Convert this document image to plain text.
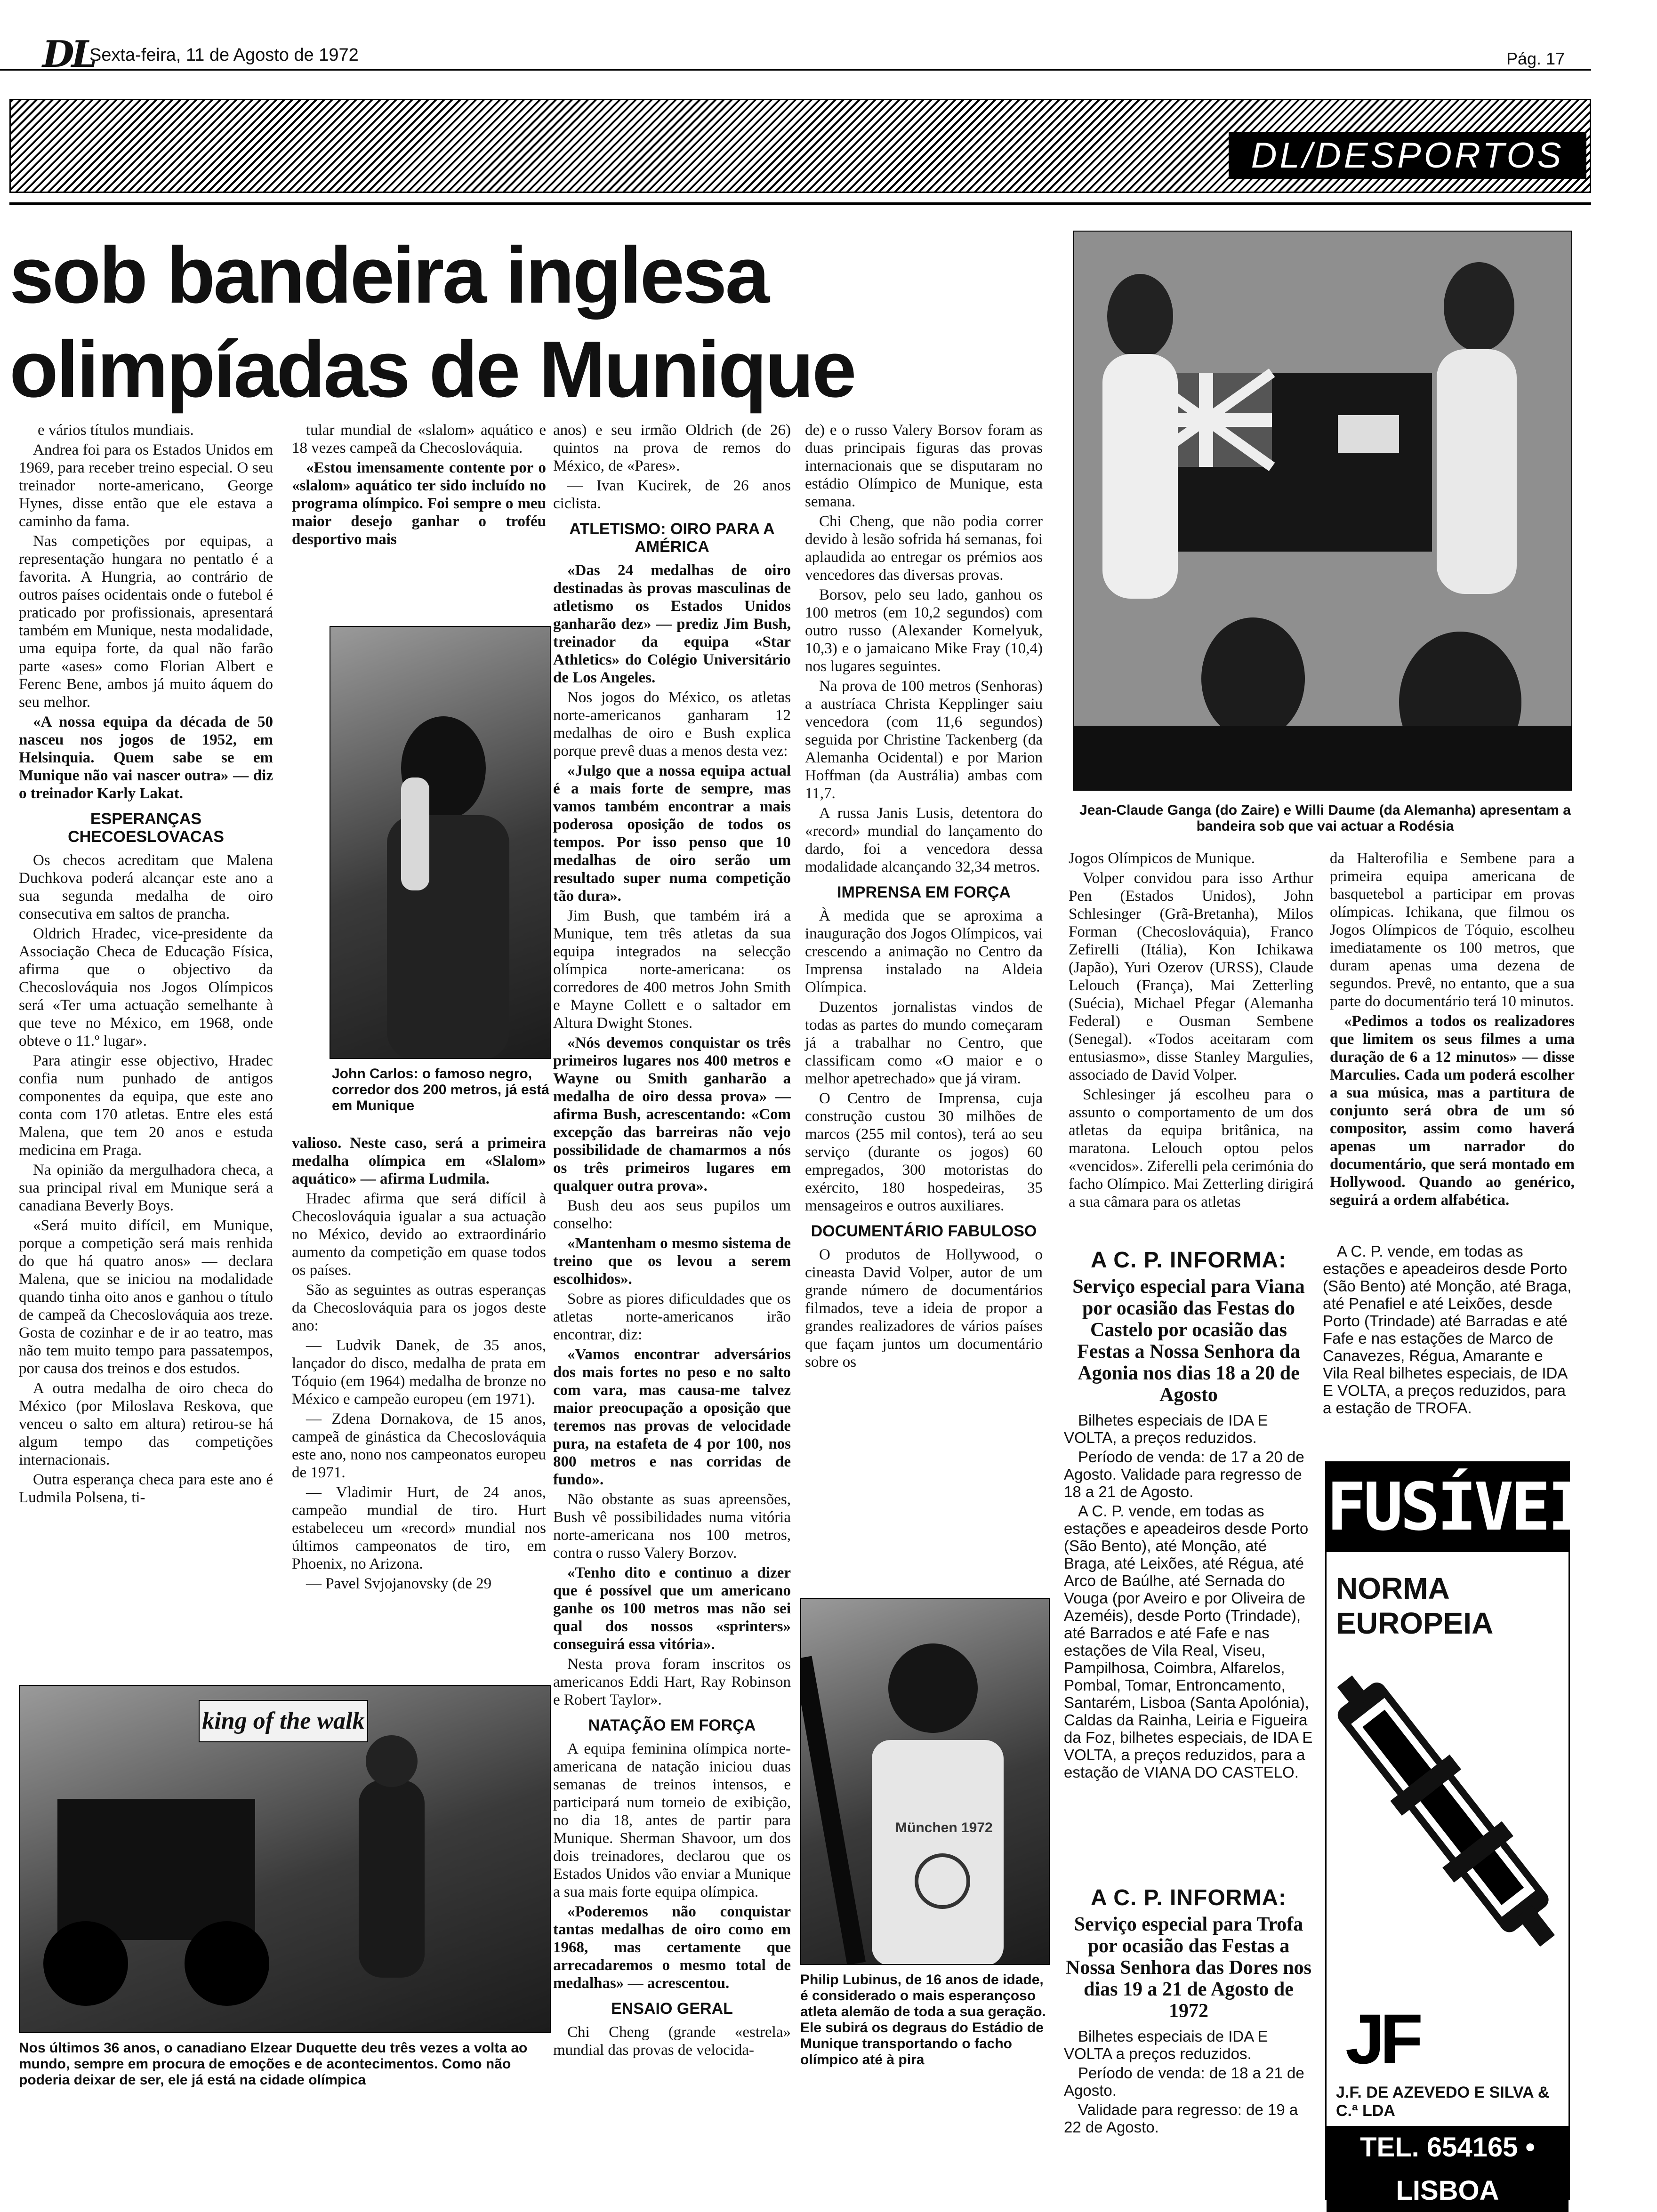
DL
Sexta-feira, 11 de Agosto de 1972	Pág. 17
DL/DESPORTOS
sob bandeira inglesa
olimpíadas de Munique

e vários títulos mundiais.

Andrea foi para os Estados Unidos em 1969, para receber treino especial. O seu treinador norte-americano, George Hynes, disse então que ele estava a caminho da fama.

Nas competições por equipas, a representação hungara no pentatlo é a favorita. A Hungria, ao contrário de outros países ocidentais onde o futebol é praticado por profissionais, apresentará também em Munique, nesta modalidade, uma equipa forte, da qual não farão parte «ases» como Florian Albert e Ferenc Bene, ambos já muito áquem do seu melhor.

«A nossa equipa da década de 50 nasceu nos jogos de 1952, em Helsinquia. Quem sabe se em Munique não vai nascer outra» — diz o treinador Karly Lakat.

ESPERANÇAS CHECOESLOVACAS

Os checos acreditam que Malena Duchkova poderá alcançar este ano a sua segunda medalha de oiro consecutiva em saltos de prancha.

Oldrich Hradec, vice-presidente da Associação Checa de Educação Física, afirma que o objectivo da Checoslováquia nos Jogos Olímpicos será «Ter uma actuação semelhante à que teve no México, em 1968, onde obteve o 11.º lugar».

Para atingir esse objectivo, Hradec confia num punhado de antigos componentes da equipa, que este ano conta com 170 atletas. Entre eles está Malena, que tem 20 anos e estuda medicina em Praga.

Na opinião da mergulhadora checa, a sua principal rival em Munique será a canadiana Beverly Boys.

«Será muito difícil, em Munique, porque a competição será mais renhida do que há quatro anos» — declara Malena, que se iniciou na modalidade quando tinha oito anos e ganhou o título de campeã da Checoslováquia aos treze. Gosta de cozinhar e de ir ao teatro, mas não tem muito tempo para passatempos, por causa dos treinos e dos estudos.

A outra medalha de oiro checa do México (por Miloslava Reskova, que venceu o salto em altura) retirou-se há algum tempo das competições internacionais.

Outra esperança checa para este ano é Ludmila Polsena, ti-

tular mundial de «slalom» aquático e 18 vezes campeã da Checoslováquia.

«Estou imensamente contente por o «slalom» aquático ter sido incluído no programa olímpico. Foi sempre o meu maior desejo ganhar o troféu desportivo mais

John Carlos: o famoso negro, corredor dos 200 metros, já está em Munique

valioso. Neste caso, será a primeira medalha olímpica em «Slalom» aquático» — afirma Ludmila.

Hradec afirma que será difícil à Checoslováquia igualar a sua actuação no México, devido ao extraordinário aumento da competição em quase todos os países.

São as seguintes as outras esperanças da Checoslováquia para os jogos deste ano:

— Ludvik Danek, de 35 anos, lançador do disco, medalha de prata em Tóquio (em 1964) medalha de bronze no México e campeão europeu (em 1971).

— Zdena Dornakova, de 15 anos, campeã de ginástica da Checoslováquia este ano, nono nos campeonatos europeu de 1971.

— Vladimir Hurt, de 24 anos, campeão mundial de tiro. Hurt estabeleceu um «record» mundial nos últimos campeonatos de tiro, em Phoenix, no Arizona.

— Pavel Svjojanovsky (de 29

king of the walk
Nos últimos 36 anos, o canadiano Elzear Duquette deu três vezes a volta ao mundo, sempre em procura de emoções e de acontecimentos. Como não poderia deixar de ser, ele já está na cidade olímpica

anos) e seu irmão Oldrich (de 26) quintos na prova de remos do México, de «Pares».

— Ivan Kucirek, de 26 anos ciclista.

ATLETISMO: OIRO PARA A AMÉRICA

«Das 24 medalhas de oiro destinadas às provas masculinas de atletismo os Estados Unidos ganharão dez» — prediz Jim Bush, treinador da equipa «Star Athletics» do Colégio Universitário de Los Angeles.

Nos jogos do México, os atletas norte-americanos ganharam 12 medalhas de oiro e Bush explica porque prevê duas a menos desta vez:

«Julgo que a nossa equipa actual é a mais forte de sempre, mas vamos também encontrar a mais poderosa oposição de todos os tempos. Por isso penso que 10 medalhas de oiro serão um resultado super numa competição tão dura».

Jim Bush, que também irá a Munique, tem três atletas da sua equipa integrados na selecção olímpica norte-americana: os corredores de 400 metros John Smith e Mayne Collett e o saltador em Altura Dwight Stones.

«Nós devemos conquistar os três primeiros lugares nos 400 metros e Wayne ou Smith ganharão a medalha de oiro dessa prova» — afirma Bush, acrescentando: «Com excepção das barreiras não vejo possibilidade de chamarmos a nós os três primeiros lugares em qualquer outra prova».

Bush deu aos seus pupilos um conselho:

«Mantenham o mesmo sistema de treino que os levou a serem escolhidos».

Sobre as piores dificuldades que os atletas norte-americanos irão encontrar, diz:

«Vamos encontrar adversários dos mais fortes no peso e no salto com vara, mas causa-me talvez maior preocupação a oposição que teremos nas provas de velocidade pura, na estafeta de 4 por 100, nos 800 metros e nas corridas de fundo».

Não obstante as suas apreensões, Bush vê possibilidades numa vitória norte-americana nos 100 metros, contra o russo Valery Borzov.

«Tenho dito e continuo a dizer que é possível que um americano ganhe os 100 metros mas não sei qual dos nossos «sprinters» conseguirá essa vitória».

Nesta prova foram inscritos os americanos Eddi Hart, Ray Robinson e Robert Taylor».

NATAÇÃO EM FORÇA

A equipa feminina olímpica norte-americana de natação iniciou duas semanas de treinos intensos, e participará num torneio de exibição, no dia 18, antes de partir para Munique. Sherman Shavoor, um dos dois treinadores, declarou que os Estados Unidos vão enviar a Munique a sua mais forte equipa olímpica.

«Poderemos não conquistar tantas medalhas de oiro como em 1968, mas certamente que arrecadaremos o mesmo total de medalhas» — acrescentou.

ENSAIO GERAL

Chi Cheng (grande «estrela» mundial das provas de velocida-

de) e o russo Valery Borsov foram as duas principais figuras das provas internacionais que se disputaram no estádio Olímpico de Munique, esta semana.

Chi Cheng, que não podia correr devido à lesão sofrida há semanas, foi aplaudida ao entregar os prémios aos vencedores das diversas provas.

Borsov, pelo seu lado, ganhou os 100 metros (em 10,2 segundos) com outro russo (Alexander Kornelyuk, 10,3) e o jamaicano Mike Fray (10,4) nos lugares seguintes.

Na prova de 100 metros (Senhoras) a austríaca Christa Kepplinger saiu vencedora (com 11,6 segundos) seguida por Christine Tackenberg (da Alemanha Ocidental) e por Marion Hoffman (da Austrália) ambas com 11,7.

A russa Janis Lusis, detentora do «record» mundial do lançamento do dardo, foi a vencedora dessa modalidade alcançando 32,34 metros.

IMPRENSA EM FORÇA

À medida que se aproxima a inauguração dos Jogos Olímpicos, vai crescendo a animação no Centro da Imprensa instalado na Aldeia Olímpica.

Duzentos jornalistas vindos de todas as partes do mundo começaram já a trabalhar no Centro, que classificam como «O maior e o melhor apetrechado» que já viram.

O Centro de Imprensa, cuja construção custou 30 milhões de marcos (255 mil contos), terá ao seu serviço (durante os jogos) 60 empregados, 300 motoristas do exército, 180 hospedeiras, 35 mensageiros e outros auxiliares.

DOCUMENTÁRIO FABULOSO

O produtos de Hollywood, o cineasta David Volper, autor de um grande número de documentários filmados, teve a ideia de propor a grandes realizadores de vários países que façam juntos um documentário sobre os

München 1972
Philip Lubinus, de 16 anos de idade, é considerado o mais esperançoso atleta alemão de toda a sua geração. Ele subirá os degraus do Estádio de Munique transportando o facho olímpico até à pira
Jean-Claude Ganga (do Zaire) e Willi Daume (da Alemanha) apresentam a bandeira sob que vai actuar a Rodésia

Jogos Olímpicos de Munique.

Volper convidou para isso Arthur Pen (Estados Unidos), John Schlesinger (Grã-Bretanha), Milos Forman (Checoslováquia), Franco Zefirelli (Itália), Kon Ichikawa (Japão), Yuri Ozerov (URSS), Claude Lelouch (França), Mai Zetterling (Suécia), Michael Pfegar (Alemanha Federal) e Ousman Sembene (Senegal). «Todos aceitaram com entusiasmo», disse Stanley Margulies, associado de David Volper.

Schlesinger já escolheu para o assunto o comportamento de um dos atletas da equipa britânica, na maratona. Lelouch optou pelos «vencidos». Ziferelli pela cerimónia do facho Olímpico. Mai Zetterling dirigirá a sua câmara para os atletas

da Halterofilia e Sembene para a primeira equipa americana de basquetebol a participar em provas olímpicas. Ichikana, que filmou os Jogos Olímpicos de Tóquio, escolheu imediatamente os 100 metros, que duram apenas uma dezena de segundos. Prevê, no entanto, que a sua parte do documentário terá 10 minutos.

«Pedimos a todos os realizadores que limitem os seus filmes a uma duração de 6 a 12 minutos» — disse Marculies. Cada um poderá escolher a sua música, mas a partitura de conjunto será obra de um só compositor, assim como haverá apenas um narrador do documentário, que será montado em Hollywood. Quando ao genérico, seguirá a ordem alfabética.

A C. P. INFORMA:
Serviço especial para Viana por ocasião das Festas do Castelo por ocasião das Festas a Nossa Senhora da Agonia nos dias 18 a 20 de Agosto

Bilhetes especiais de IDA E VOLTA, a preços reduzidos.

Período de venda: de 17 a 20 de Agosto. Validade para regresso de 18 a 21 de Agosto.

A C. P. vende, em todas as estações e apeadeiros desde Porto (São Bento), até Monção, até Braga, até Leixões, até Régua, até Arco de Baúlhe, até Sernada do Vouga (por Aveiro e por Oliveira de Azeméis), desde Porto (Trindade), até Barrados e até Fafe e nas estações de Vila Real, Viseu, Pampilhosa, Coimbra, Alfarelos, Pombal, Tomar, Entroncamento, Santarém, Lisboa (Santa Apolónia), Caldas da Rainha, Leiria e Figueira da Foz, bilhetes especiais, de IDA E VOLTA, a preços reduzidos, para a estação de VIANA DO CASTELO.

A C. P. vende, em todas as estações e apeadeiros desde Porto (São Bento) até Monção, até Braga, até Penafiel e até Leixões, desde Porto (Trindade) até Barradas e até Fafe e nas estações de Marco de Canavezes, Régua, Amarante e Vila Real bilhetes especiais, de IDA E VOLTA, a preços reduzidos, para a estação de TROFA.

A C. P. INFORMA:
Serviço especial para Trofa por ocasião das Festas a Nossa Senhora das Dores nos dias 19 a 21 de Agosto de 1972

Bilhetes especiais de IDA E VOLTA a preços reduzidos.

Período de venda: de 18 a 21 de Agosto.

Validade para regresso: de 19 a 22 de Agosto.

FUSÍVEIS
NORMA
EUROPEIA
JF
J.F. DE AZEVEDO E SILVA & C.ª LDA
TEL. 654165 • LISBOA
